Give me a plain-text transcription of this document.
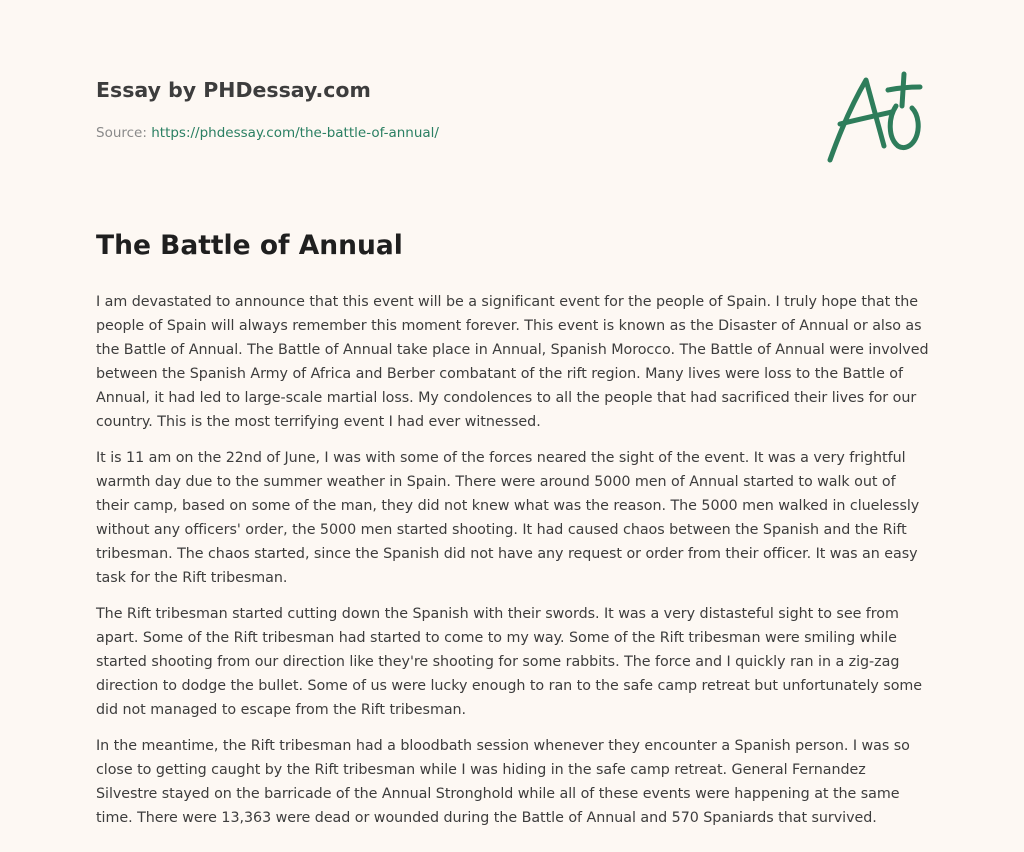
Essay by PHDessay.com
Source: https://phdessay.com/the-battle-of-annual/
The Battle of Annual

I am devastated to announce that this event will be a significant event for the people of Spain. I truly hope that the people of Spain will always remember this moment forever. This event is known as the Disaster of Annual or also as the Battle of Annual. The Battle of Annual take place in Annual, Spanish Morocco. The Battle of Annual were involved between the Spanish Army of Africa and Berber combatant of the rift region. Many lives were loss to the Battle of Annual, it had led to large-scale martial loss. My condolences to all the people that had sacrificed their lives for our country. This is the most terrifying event I had ever witnessed.

It is 11 am on the 22nd of June, I was with some of the forces neared the sight of the event. It was a very frightful warmth day due to the summer weather in Spain. There were around 5000 men of Annual started to walk out of their camp, based on some of the man, they did not knew what was the reason. The 5000 men walked in cluelessly without any officers' order, the 5000 men started shooting. It had caused chaos between the Spanish and the Rift tribesman. The chaos started, since the Spanish did not have any request or order from their officer. It was an easy task for the Rift tribesman.

The Rift tribesman started cutting down the Spanish with their swords. It was a very distasteful sight to see from apart. Some of the Rift tribesman had started to come to my way. Some of the Rift tribesman were smiling while started shooting from our direction like they're shooting for some rabbits. The force and I quickly ran in a zig-zag direction to dodge the bullet. Some of us were lucky enough to ran to the safe camp retreat but unfortunately some did not managed to escape from the Rift tribesman.

In the meantime, the Rift tribesman had a bloodbath session whenever they encounter a Spanish person. I was so close to getting caught by the Rift tribesman while I was hiding in the safe camp retreat. General Fernandez Silvestre stayed on the barricade of the Annual Stronghold while all of these events were happening at the same time. There were 13,363 were dead or wounded during the Battle of Annual and 570 Spaniards that survived.
